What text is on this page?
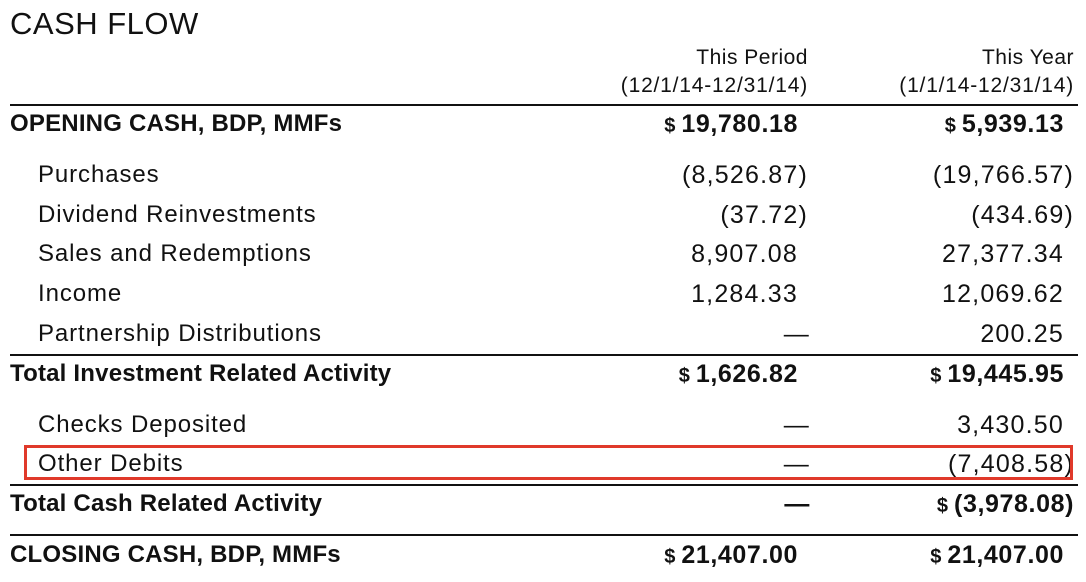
CASH FLOW
This Period
(12/1/14-12/31/14)
This Year
(1/1/14-12/31/14)
OPENING CASH, BDP, MMFs	$ 19,780.18	$ 5,939.13
Purchases	(8,526.87)	(19,766.57)
Dividend Reinvestments	(37.72)	(434.69)
Sales and Redemptions	8,907.08	27,377.34
Income	1,284.33	12,069.62
Partnership Distributions	—	200.25
Total Investment Related Activity	$ 1,626.82	$ 19,445.95
Checks Deposited	—	3,430.50
Other Debits	—	(7,408.58)
Total Cash Related Activity	—	$ (3,978.08)
CLOSING CASH, BDP, MMFs	$ 21,407.00	$ 21,407.00
